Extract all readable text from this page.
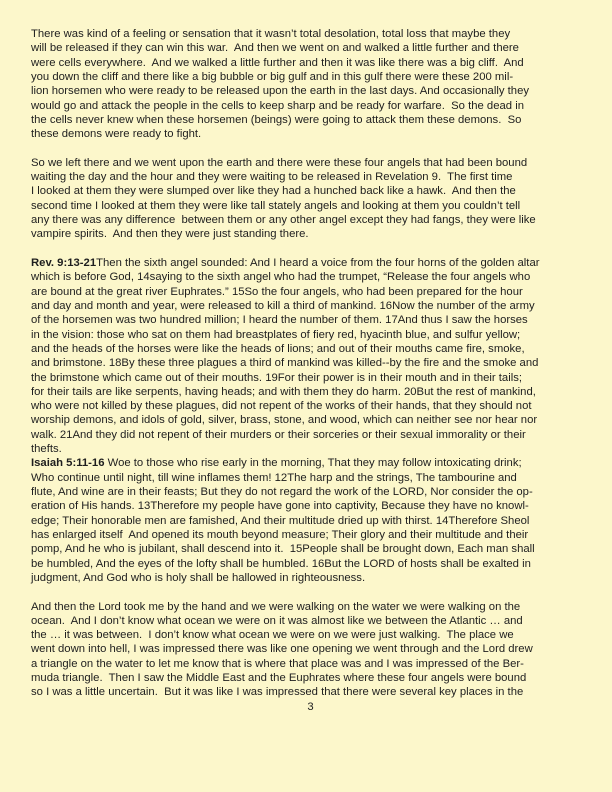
There was kind of a feeling or sensation that it wasn’t total desolation, total loss that maybe they
will be released if they can win this war.  And then we went on and walked a little further and there
were cells everywhere.  And we walked a little further and then it was like there was a big cliff.  And
you down the cliff and there like a big bubble or big gulf and in this gulf there were these 200 mil-
lion horsemen who were ready to be released upon the earth in the last days. And occasionally they
would go and attack the people in the cells to keep sharp and be ready for warfare.  So the dead in
the cells never knew when these horsemen (beings) were going to attack them these demons.  So
these demons were ready to fight.
So we left there and we went upon the earth and there were these four angels that had been bound
waiting the day and the hour and they were waiting to be released in Revelation 9.  The first time
I looked at them they were slumped over like they had a hunched back like a hawk.  And then the
second time I looked at them they were like tall stately angels and looking at them you couldn’t tell
any there was any difference  between them or any other angel except they had fangs, they were like
vampire spirits.  And then they were just standing there.
Rev. 9:13-21Then the sixth angel sounded: And I heard a voice from the four horns of the golden altar
which is before God, 14saying to the sixth angel who had the trumpet, “Release the four angels who
are bound at the great river Euphrates.” 15So the four angels, who had been prepared for the hour
and day and month and year, were released to kill a third of mankind. 16Now the number of the army
of the horsemen was two hundred million; I heard the number of them. 17And thus I saw the horses
in the vision: those who sat on them had breastplates of fiery red, hyacinth blue, and sulfur yellow;
and the heads of the horses were like the heads of lions; and out of their mouths came fire, smoke,
and brimstone. 18By these three plagues a third of mankind was killed--by the fire and the smoke and
the brimstone which came out of their mouths. 19For their power is in their mouth and in their tails;
for their tails are like serpents, having heads; and with them they do harm. 20But the rest of mankind,
who were not killed by these plagues, did not repent of the works of their hands, that they should not
worship demons, and idols of gold, silver, brass, stone, and wood, which can neither see nor hear nor
walk. 21And they did not repent of their murders or their sorceries or their sexual immorality or their
thefts.
Isaiah 5:11-16 Woe to those who rise early in the morning, That they may follow intoxicating drink;
Who continue until night, till wine inflames them! 12The harp and the strings, The tambourine and
flute, And wine are in their feasts; But they do not regard the work of the LORD, Nor consider the op-
eration of His hands. 13Therefore my people have gone into captivity, Because they have no knowl-
edge; Their honorable men are famished, And their multitude dried up with thirst. 14Therefore Sheol
has enlarged itself  And opened its mouth beyond measure; Their glory and their multitude and their
pomp, And he who is jubilant, shall descend into it.  15People shall be brought down, Each man shall
be humbled, And the eyes of the lofty shall be humbled. 16But the LORD of hosts shall be exalted in
judgment, And God who is holy shall be hallowed in righteousness.
And then the Lord took me by the hand and we were walking on the water we were walking on the
ocean.  And I don’t know what ocean we were on it was almost like we between the Atlantic … and
the … it was between.  I don’t know what ocean we were on we were just walking.  The place we
went down into hell, I was impressed there was like one opening we went through and the Lord drew
a triangle on the water to let me know that is where that place was and I was impressed of the Ber-
muda triangle.  Then I saw the Middle East and the Euphrates where these four angels were bound
so I was a little uncertain.  But it was like I was impressed that there were several key places in the
3
